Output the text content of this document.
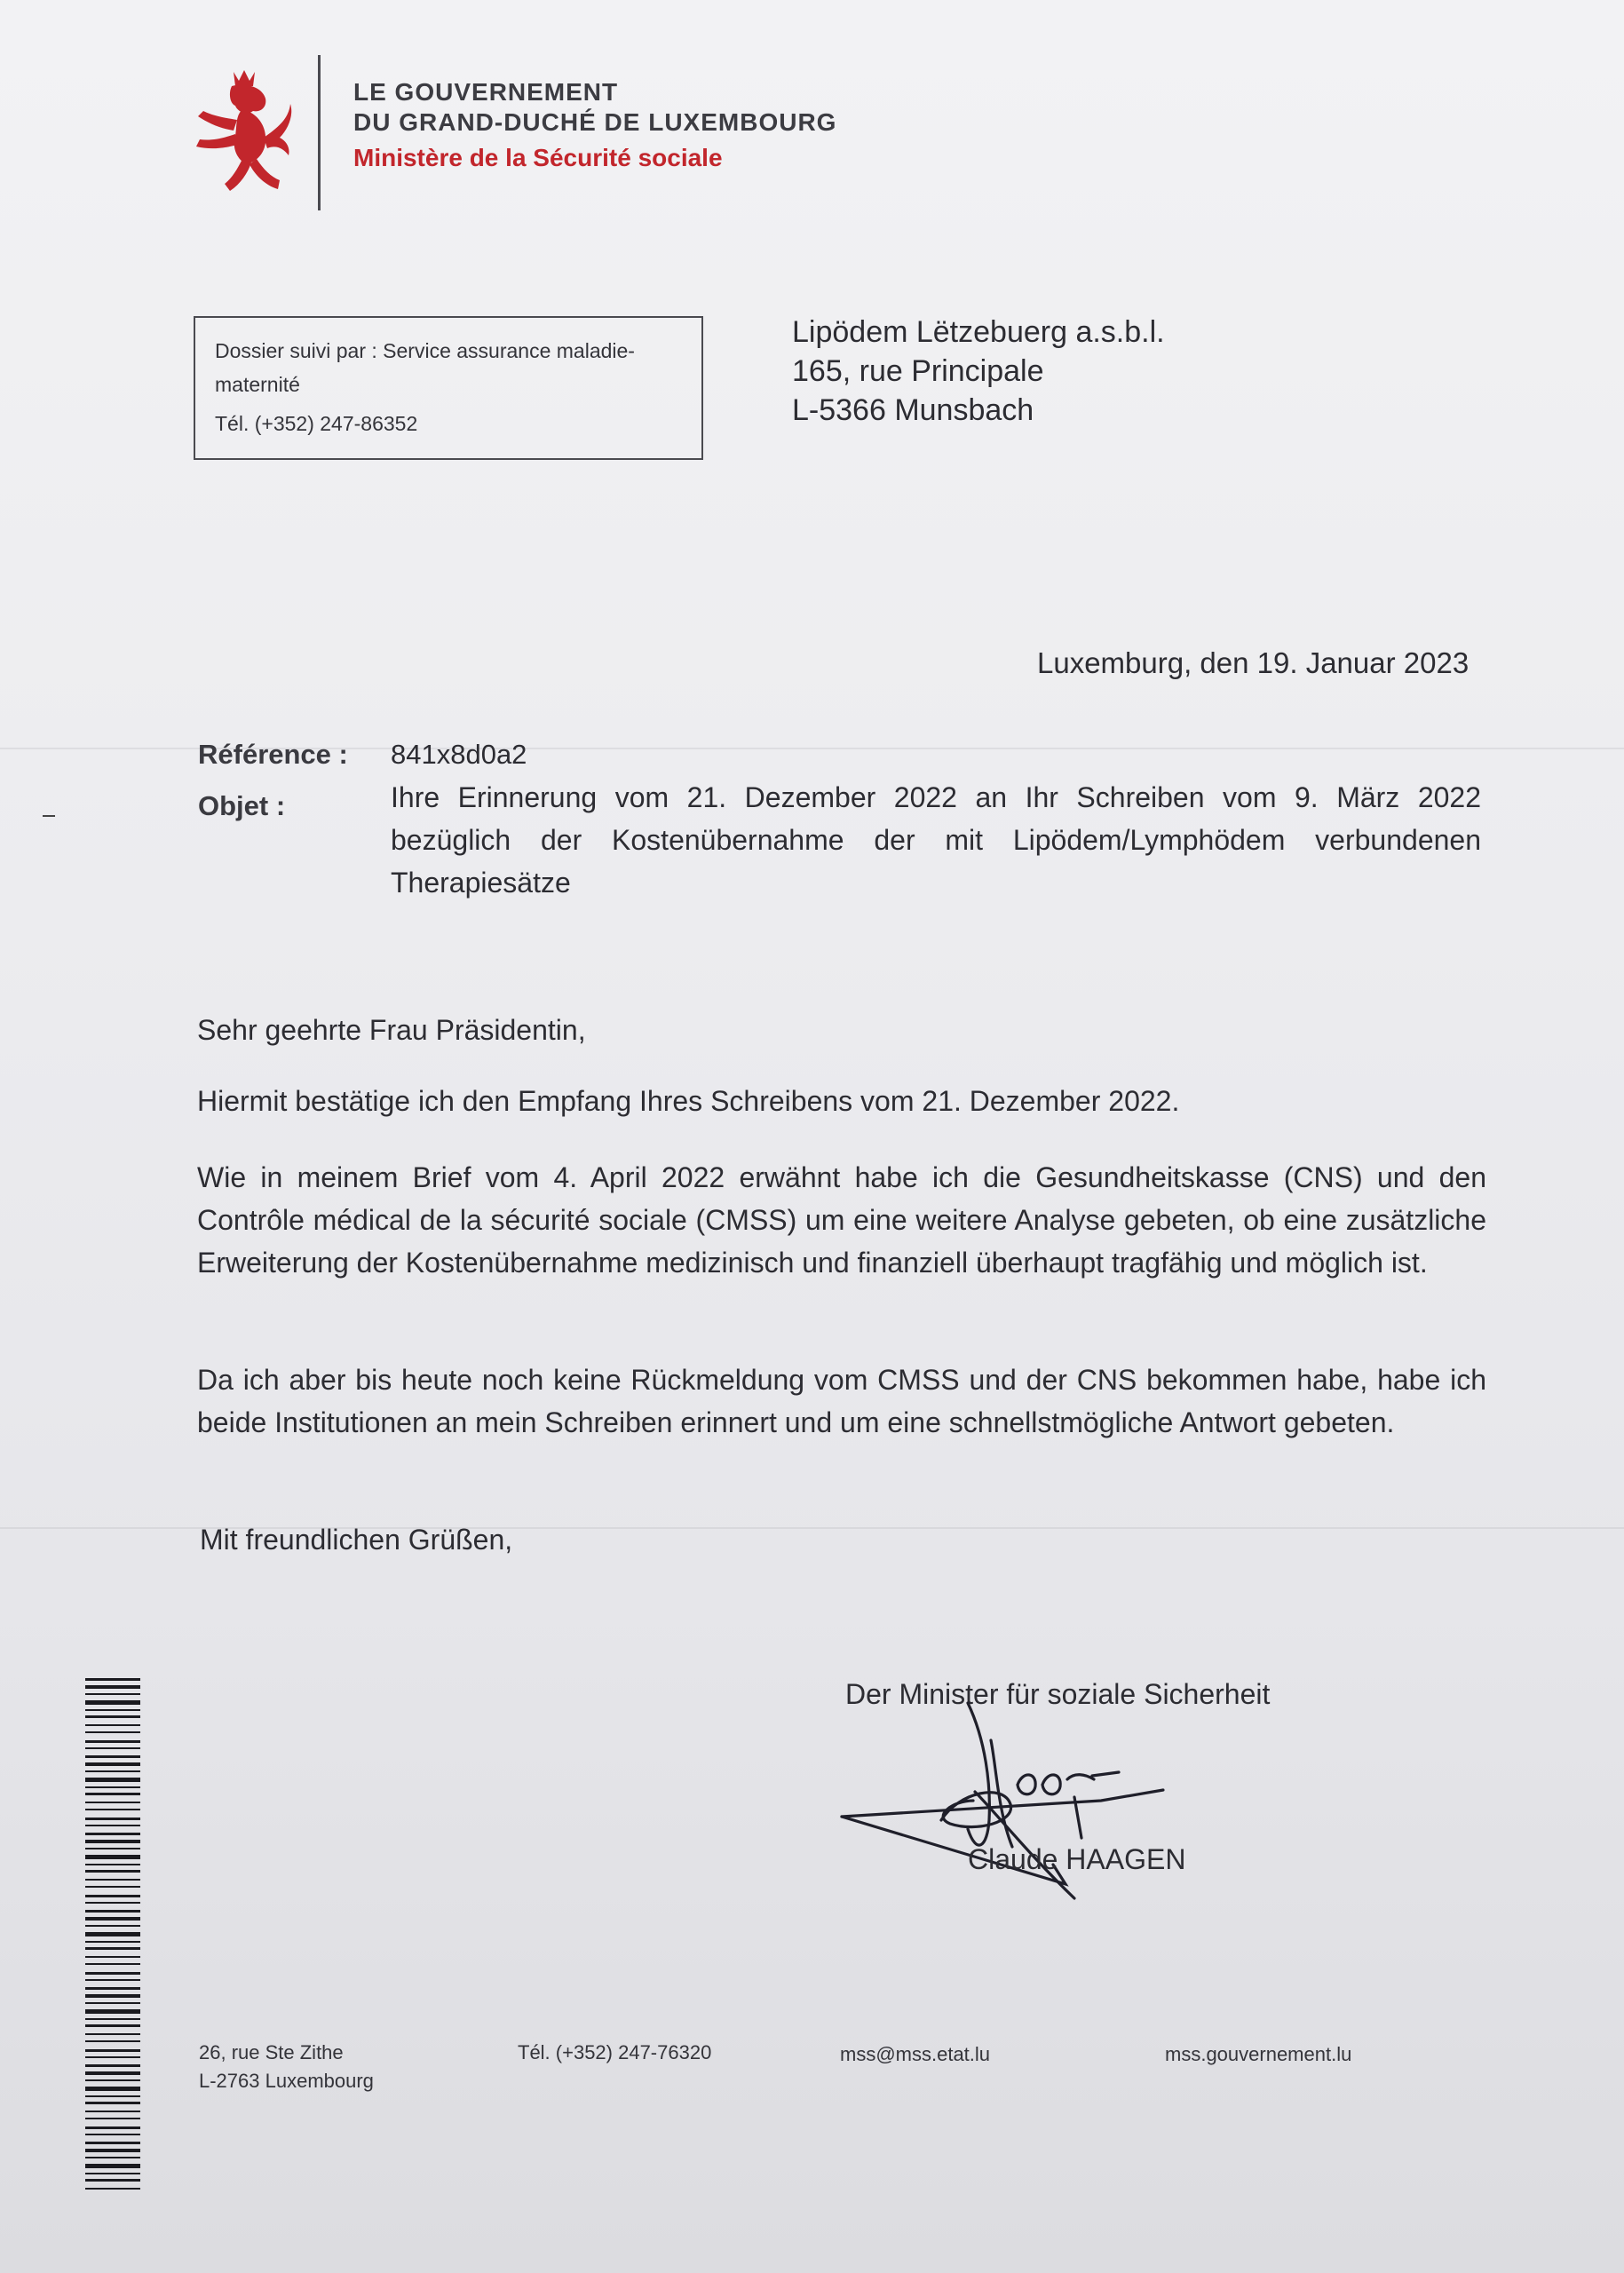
LE GOUVERNEMENT
DU GRAND-DUCHÉ DE LUXEMBOURG
Ministère de la Sécurité sociale
Dossier suivi par : Service assurance maladie-maternité
Tél. (+352) 247-86352
Lipödem Lëtzebuerg a.s.b.l.
165, rue Principale
L-5366 Munsbach
Luxemburg, den 19. Januar 2023
Référence : 841x8d0a2
Objet :	Ihre Erinnerung vom 21. Dezember 2022 an Ihr Schreiben vom 9. März 2022 bezüglich der Kostenübernahme der mit Lipödem/Lymphödem verbundenen Therapiesätze
Sehr geehrte Frau Präsidentin,
Hiermit bestätige ich den Empfang Ihres Schreibens vom 21. Dezember 2022.
Wie in meinem Brief vom 4. April 2022 erwähnt habe ich die Gesundheitskasse (CNS) und den Contrôle médical de la sécurité sociale (CMSS) um eine weitere Analyse gebeten, ob eine zusätzliche Erweiterung der Kostenübernahme medizinisch und finanziell überhaupt tragfähig und möglich ist.
Da ich aber bis heute noch keine Rückmeldung vom CMSS und der CNS bekommen habe, habe ich beide Institutionen an mein Schreiben erinnert und um eine schnellstmögliche Antwort gebeten.
Mit freundlichen Grüßen,
Der Minister für soziale Sicherheit
Claude HAAGEN
26, rue Ste Zithe
L-2763 Luxembourg
Tél. (+352) 247-76320	mss@mss.etat.lu	mss.gouvernement.lu
